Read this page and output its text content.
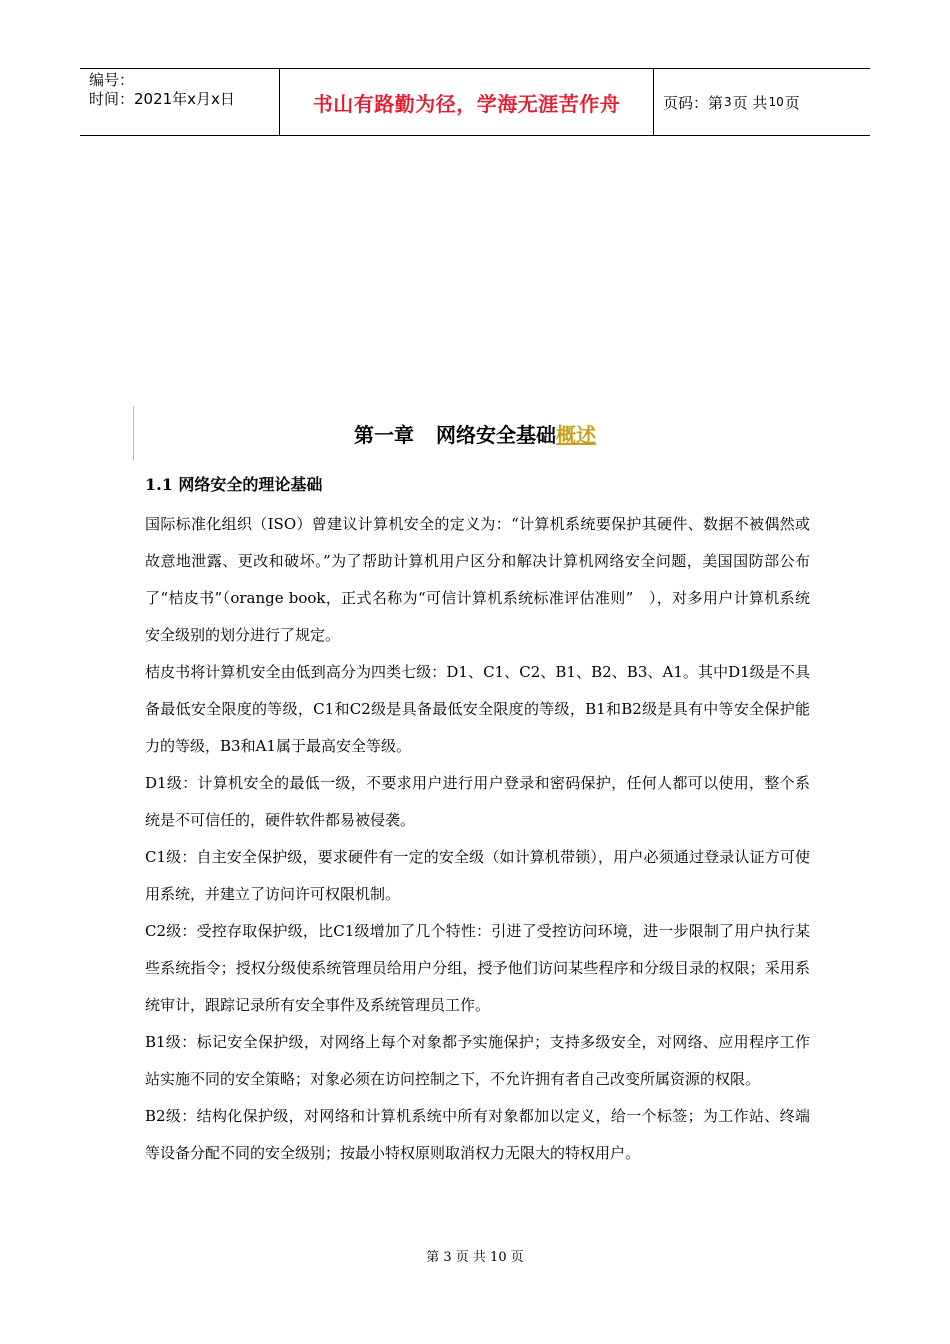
编号：
时间：2021年x月x日	书山有路勤为径，学海无涯苦作舟	页码：第 3 页 共 10 页
第一章 网络安全基础概述
1.1 网络安全的理论基础

国际标准化组织（ISO）曾建议计算机安全的定义为：“计算机系统要保护其硬件、数据不被偶然或故意地泄露、更改和破坏。”为了帮助计算机用户区分和解决计算机网络安全问题，美国国防部公布了“桔皮书”（orange book，正式名称为“可信计算机系统标准评估准则”　），对多用户计算机系统安全级别的划分进行了规定。

桔皮书将计算机安全由低到高分为四类七级：D1、C1、C2、B1、B2、B3、A1。其中D1级是不具备最低安全限度的等级，C1和C2级是具备最低安全限度的等级，B1和B2级是具有中等安全保护能力的等级，B3和A1属于最高安全等级。

D1级：计算机安全的最低一级，不要求用户进行用户登录和密码保护，任何人都可以使用，整个系统是不可信任的，硬件软件都易被侵袭。

C1级：自主安全保护级，要求硬件有一定的安全级（如计算机带锁），用户必须通过登录认证方可使用系统，并建立了访问许可权限机制。

C2级：受控存取保护级，比C1级增加了几个特性：引进了受控访问环境，进一步限制了用户执行某些系统指令；授权分级使系统管理员给用户分组，授予他们访问某些程序和分级目录的权限；采用系统审计，跟踪记录所有安全事件及系统管理员工作。

B1级：标记安全保护级，对网络上每个对象都予实施保护；支持多级安全，对网络、应用程序工作站实施不同的安全策略；对象必须在访问控制之下，不允许拥有者自己改变所属资源的权限。

B2级：结构化保护级，对网络和计算机系统中所有对象都加以定义，给一个标签；为工作站、终端等设备分配不同的安全级别；按最小特权原则取消权力无限大的特权用户。

第 3 页 共 10 页
